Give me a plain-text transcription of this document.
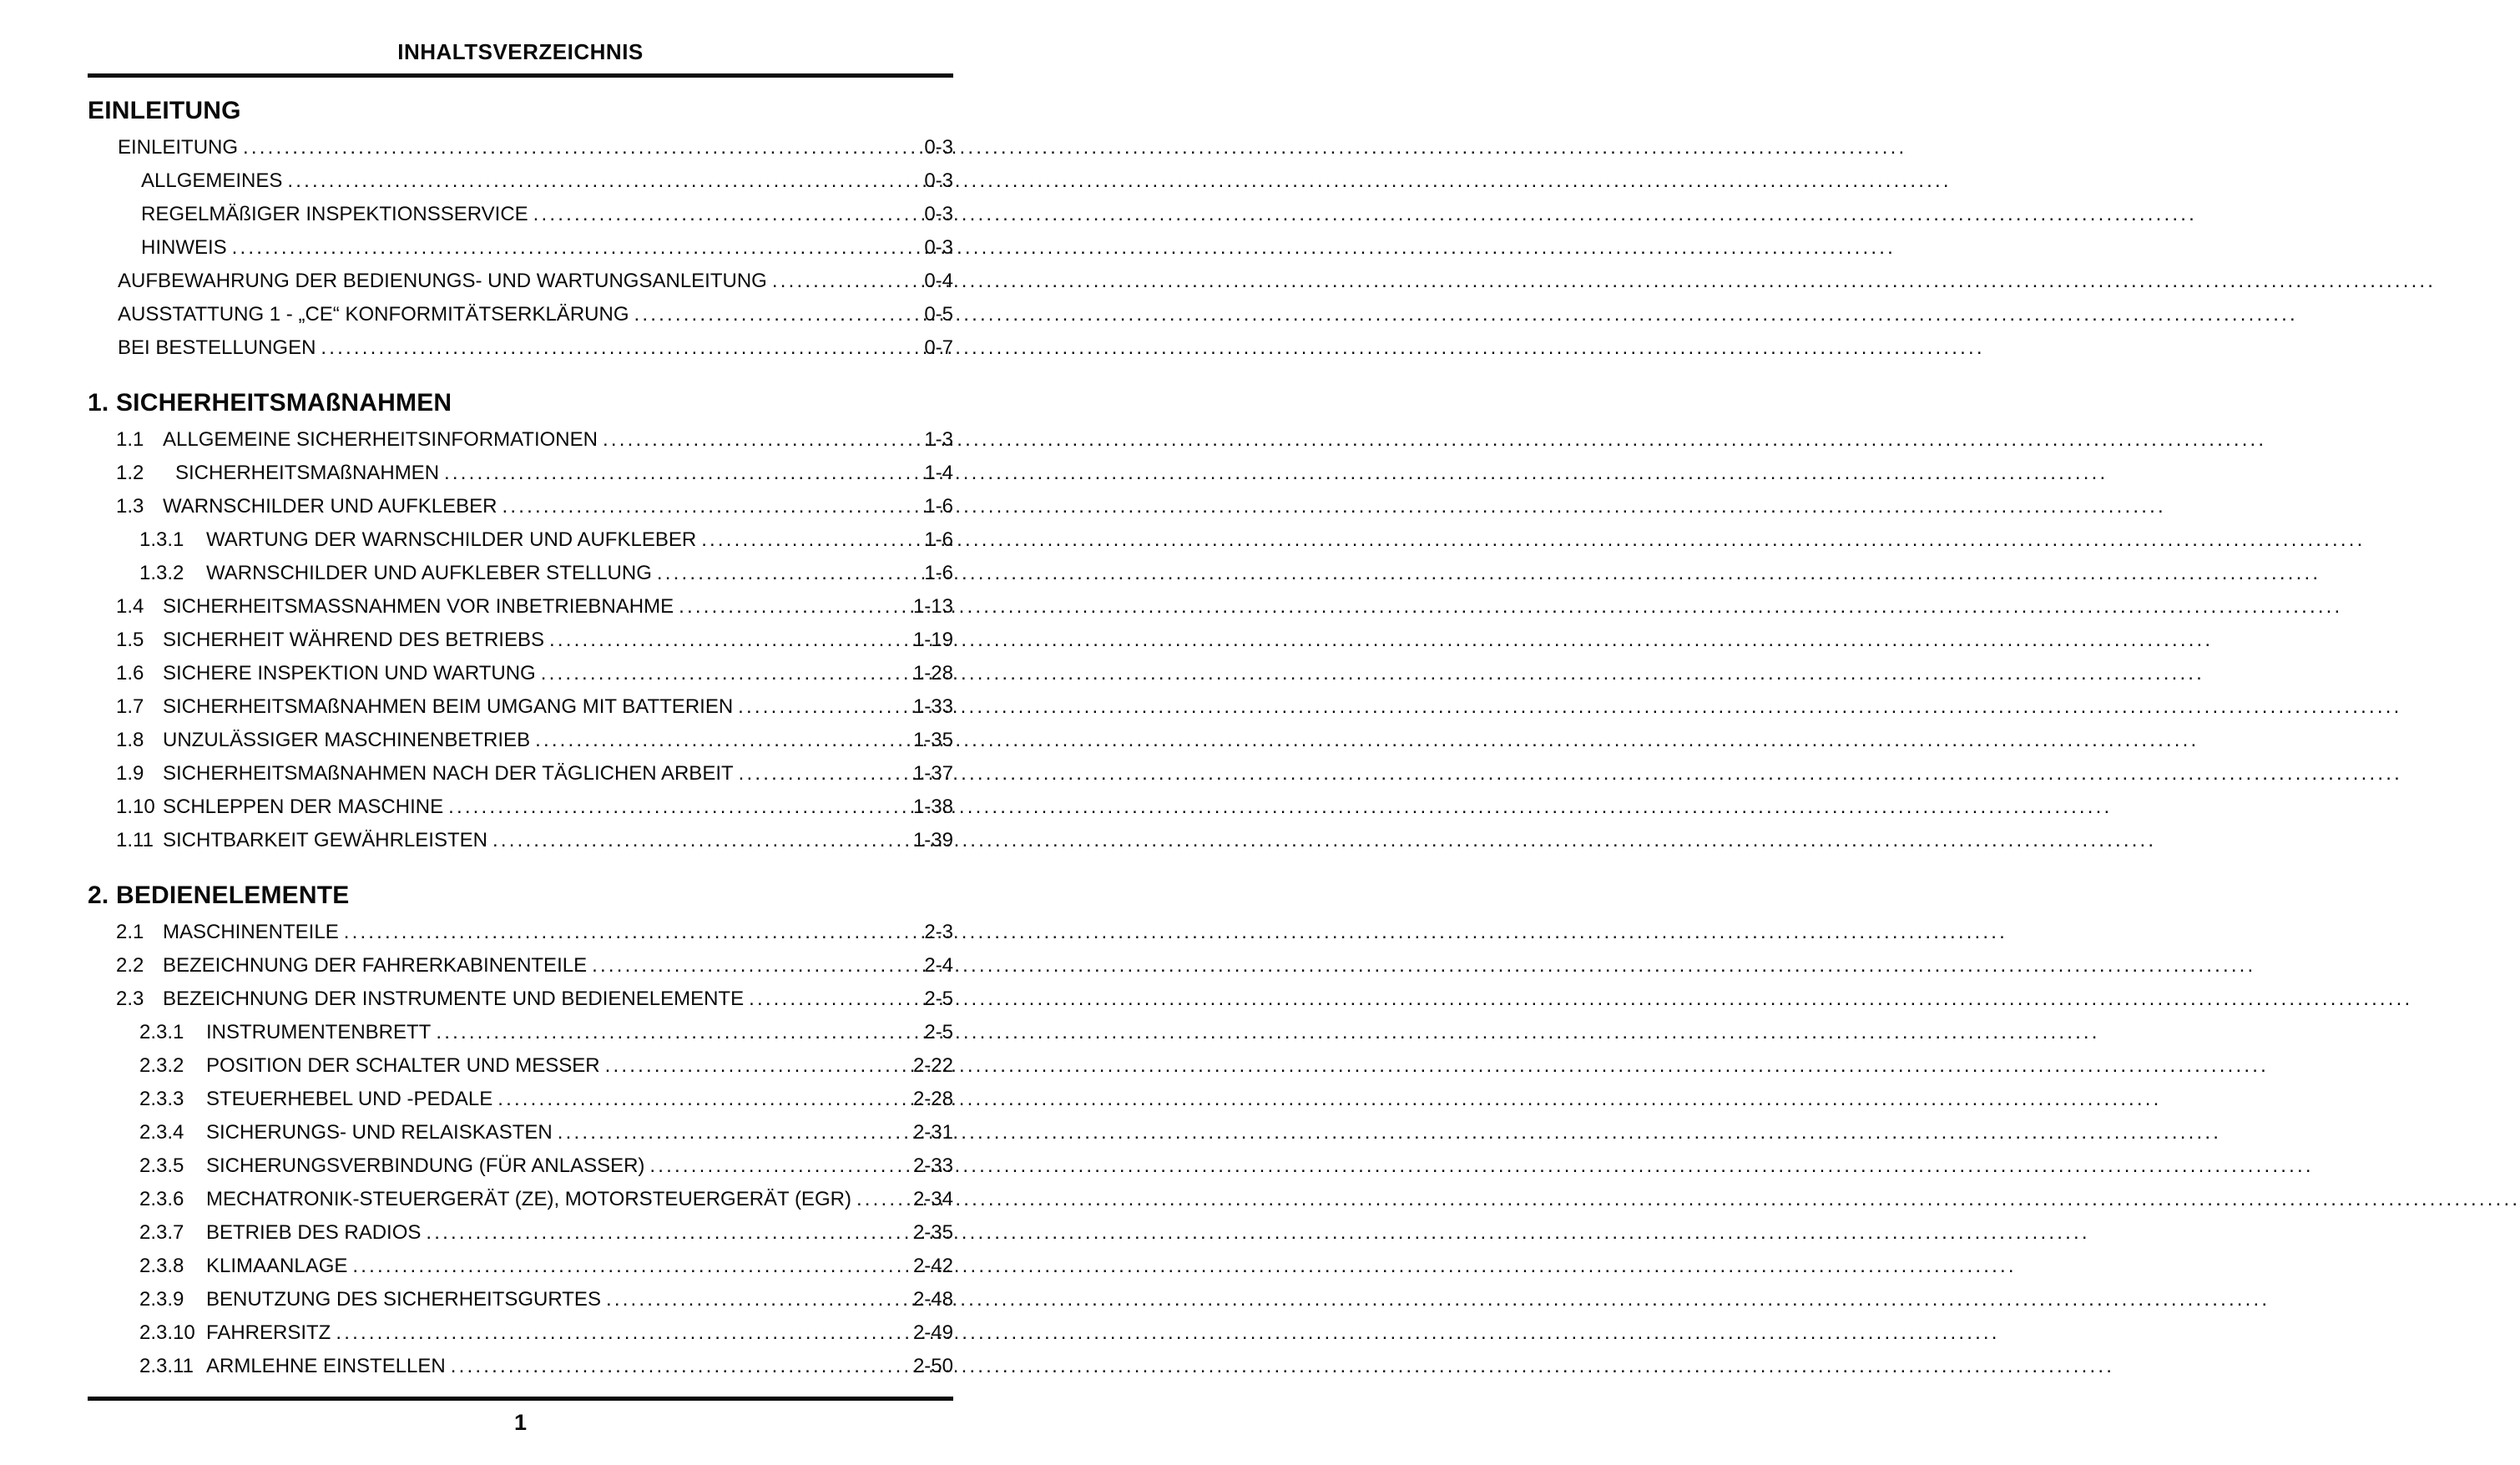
INHALTSVERZEICHNIS
EINLEITUNG
EINLEITUNG .....	0-3
ALLGEMEINES .....	0-3
REGELMÄßIGER INSPEKTIONSSERVICE .....	0-3
HINWEIS .....	0-3
AUFBEWAHRUNG DER BEDIENUNGS- UND WARTUNGSANLEITUNG .....	0-4
AUSSTATTUNG 1 - „CE“ KONFORMITÄTSERKLÄRUNG .....	0-5
BEI BESTELLUNGEN .....	0-7
1. SICHERHEITSMAßNAHMEN
1.1 ALLGEMEINE SICHERHEITSINFORMATIONEN .....	1-3
1.2	SICHERHEITSMAßNAHMEN .....	1-4
1.3 WARNSCHILDER UND AUFKLEBER .....	1-6
1.3.1	WARTUNG DER WARNSCHILDER UND AUFKLEBER .....	1-6
1.3.2	WARNSCHILDER UND AUFKLEBER STELLUNG .....	1-6
1.4 SICHERHEITSMASSNAHMEN VOR INBETRIEBNAHME .....	1-13
1.5 SICHERHEIT WÄHREND DES BETRIEBS .....	1-19
1.6 SICHERE INSPEKTION UND WARTUNG .....	1-28
1.7 SICHERHEITSMAßNAHMEN BEIM UMGANG MIT BATTERIEN .....	1-33
1.8 UNZULÄSSIGER MASCHINENBETRIEB .....	1-35
1.9 SICHERHEITSMAßNAHMEN NACH DER TÄGLICHEN ARBEIT .....	1-37
1.10 SCHLEPPEN DER MASCHINE .....	1-38
1.11 SICHTBARKEIT GEWÄHRLEISTEN .....	1-39
2. BEDIENELEMENTE
2.1 MASCHINENTEILE .....	2-3
2.2 BEZEICHNUNG DER FAHRERKABINENTEILE .....	2-4
2.3 BEZEICHNUNG DER INSTRUMENTE UND BEDIENELEMENTE .....	2-5
2.3.1	INSTRUMENTENBRETT .....	2-5
2.3.2	POSITION DER SCHALTER UND MESSER .....	2-22
2.3.3	STEUERHEBEL UND -PEDALE .....	2-28
2.3.4	SICHERUNGS- UND RELAISKASTEN .....	2-31
2.3.5	SICHERUNGSVERBINDUNG (FÜR ANLASSER) .....	2-33
2.3.6	MECHATRONIK-STEUERGERÄT (ZE), MOTORSTEUERGERÄT (EGR) .....	2-34
2.3.7	BETRIEB DES RADIOS .....	2-35
2.3.8	KLIMAANLAGE .....	2-42
2.3.9	BENUTZUNG DES SICHERHEITSGURTES .....	2-48
2.3.10 FAHRERSITZ .....	2-49
2.3.11 ARMLEHNE EINSTELLEN .....	2-50
1
